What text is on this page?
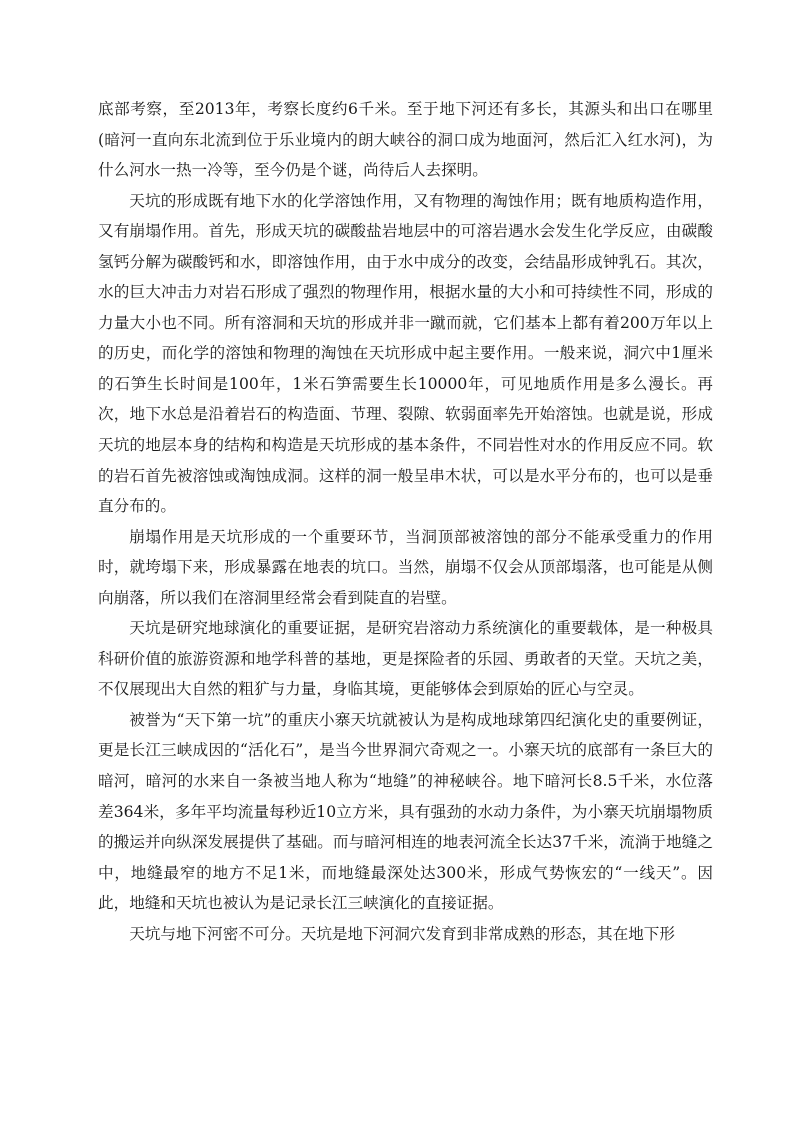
底部考察，至2013年，考察长度约6千米。至于地下河还有多长，其源头和出口在哪里(暗河一直向东北流到位于乐业境内的朗大峡谷的洞口成为地面河，然后汇入红水河)，为什么河水一热一冷等，至今仍是个谜，尚待后人去探明。

天坑的形成既有地下水的化学溶蚀作用，又有物理的淘蚀作用；既有地质构造作用，又有崩塌作用。首先，形成天坑的碳酸盐岩地层中的可溶岩遇水会发生化学反应，由碳酸氢钙分解为碳酸钙和水，即溶蚀作用，由于水中成分的改变，会结晶形成钟乳石。其次，水的巨大冲击力对岩石形成了强烈的物理作用，根据水量的大小和可持续性不同，形成的力量大小也不同。所有溶洞和天坑的形成并非一蹴而就，它们基本上都有着200万年以上的历史，而化学的溶蚀和物理的淘蚀在天坑形成中起主要作用。一般来说，洞穴中1厘米的石笋生长时间是100年，1米石笋需要生长10000年，可见地质作用是多么漫长。再次，地下水总是沿着岩石的构造面、节理、裂隙、软弱面率先开始溶蚀。也就是说，形成天坑的地层本身的结构和构造是天坑形成的基本条件，不同岩性对水的作用反应不同。软的岩石首先被溶蚀或淘蚀成洞。这样的洞一般呈串木状，可以是水平分布的，也可以是垂直分布的。

崩塌作用是天坑形成的一个重要环节，当洞顶部被溶蚀的部分不能承受重力的作用时，就垮塌下来，形成暴露在地表的坑口。当然，崩塌不仅会从顶部塌落，也可能是从侧向崩落，所以我们在溶洞里经常会看到陡直的岩壁。

天坑是研究地球演化的重要证据，是研究岩溶动力系统演化的重要载体，是一种极具科研价值的旅游资源和地学科普的基地，更是探险者的乐园、勇敢者的天堂。天坑之美，不仅展现出大自然的粗犷与力量，身临其境，更能够体会到原始的匠心与空灵。

被誉为“天下第一坑”的重庆小寨天坑就被认为是构成地球第四纪演化史的重要例证，更是长江三峡成因的“活化石”，是当今世界洞穴奇观之一。小寨天坑的底部有一条巨大的暗河，暗河的水来自一条被当地人称为“地缝”的神秘峡谷。地下暗河长8.5千米，水位落差364米，多年平均流量每秒近10立方米，具有强劲的水动力条件，为小寨天坑崩塌物质的搬运并向纵深发展提供了基础。而与暗河相连的地表河流全长达37千米，流淌于地缝之中，地缝最窄的地方不足1米，而地缝最深处达300米，形成气势恢宏的“一线天”。因此，地缝和天坑也被认为是记录长江三峡演化的直接证据。

天坑与地下河密不可分。天坑是地下河洞穴发育到非常成熟的形态，其在地下形
